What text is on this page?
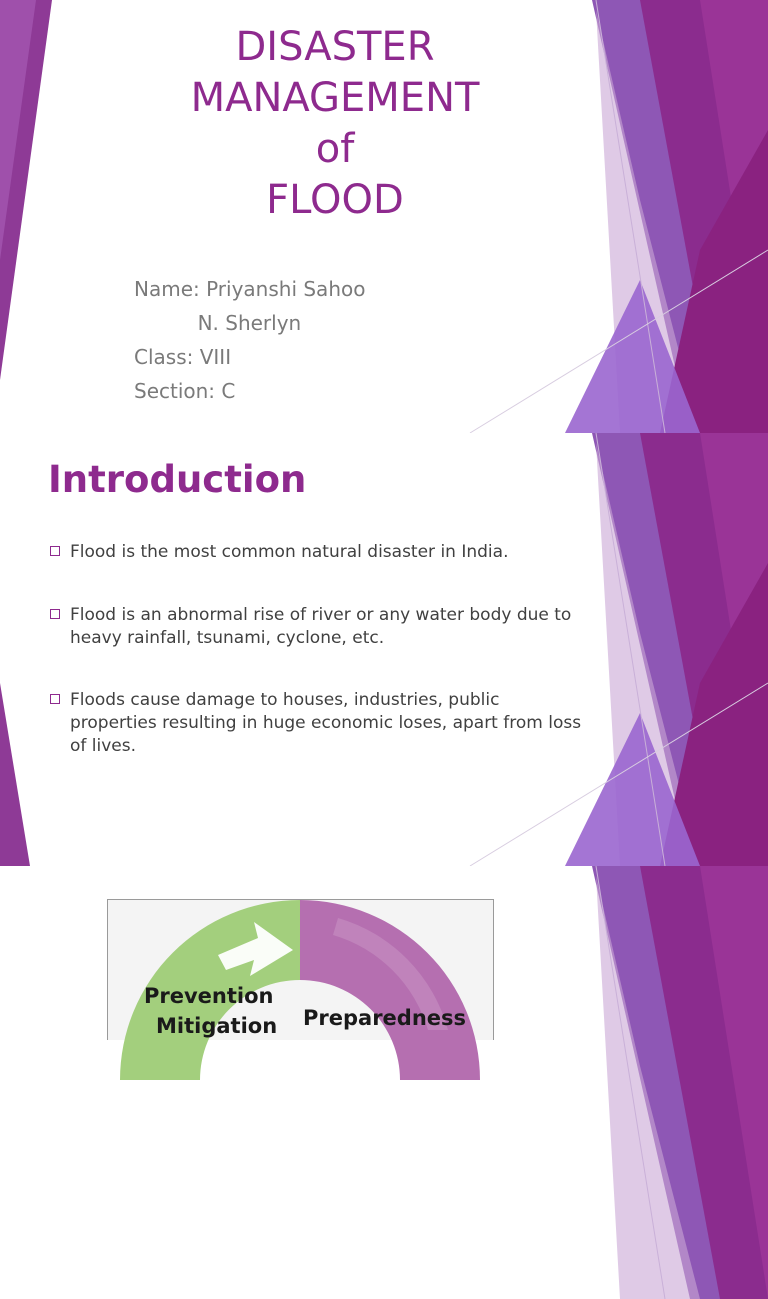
DISASTER
MANAGEMENT
of
FLOOD
Name: Priyanshi Sahoo
N. Sherlyn
Class: VIII
Section: C
Introduction
Flood is the most common natural disaster in India.
Flood is an abnormal rise of river or any water body due to heavy rainfall, tsunami, cyclone, etc.
Floods cause damage to houses, industries, public properties resulting in huge economic loses, apart from loss of lives.
Prevention
Mitigation Preparedness
